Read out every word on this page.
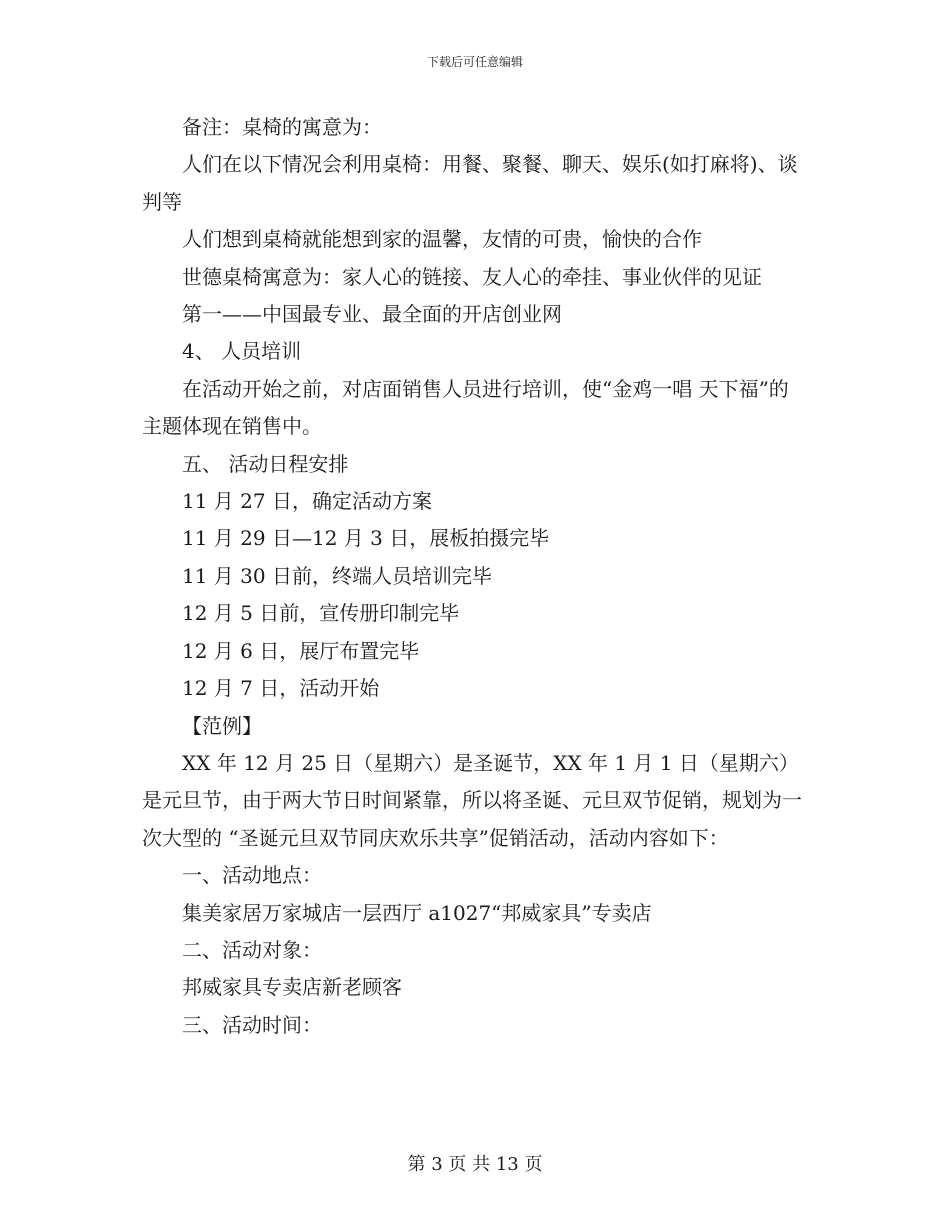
下载后可任意编辑

备注：桌椅的寓意为：

人们在以下情况会利用桌椅：用餐、聚餐、聊天、娱乐(如打麻将)、谈判等

人们想到桌椅就能想到家的温馨，友情的可贵，愉快的合作

世德桌椅寓意为：家人心的链接、友人心的牵挂、事业伙伴的见证

第一——中国最专业、最全面的开店创业网

4、 人员培训

在活动开始之前，对店面销售人员进行培训，使“金鸡一唱 天下福”的主题体现在销售中。

五、 活动日程安排

11 月 27 日，确定活动方案

11 月 29 日—12 月 3 日，展板拍摄完毕

11 月 30 日前，终端人员培训完毕

12 月 5 日前，宣传册印制完毕

12 月 6 日，展厅布置完毕

12 月 7 日，活动开始

【范例】

XX 年 12 月 25 日（星期六）是圣诞节，XX 年 1 月 1 日（星期六）是元旦节，由于两大节日时间紧靠，所以将圣诞、元旦双节促销，规划为一次大型的 “圣诞元旦双节同庆欢乐共享”促销活动，活动内容如下：

一、活动地点：

集美家居万家城店一层西厅 a1027“邦威家具”专卖店

二、活动对象：

邦威家具专卖店新老顾客

三、活动时间：

第 3 页 共 13 页
